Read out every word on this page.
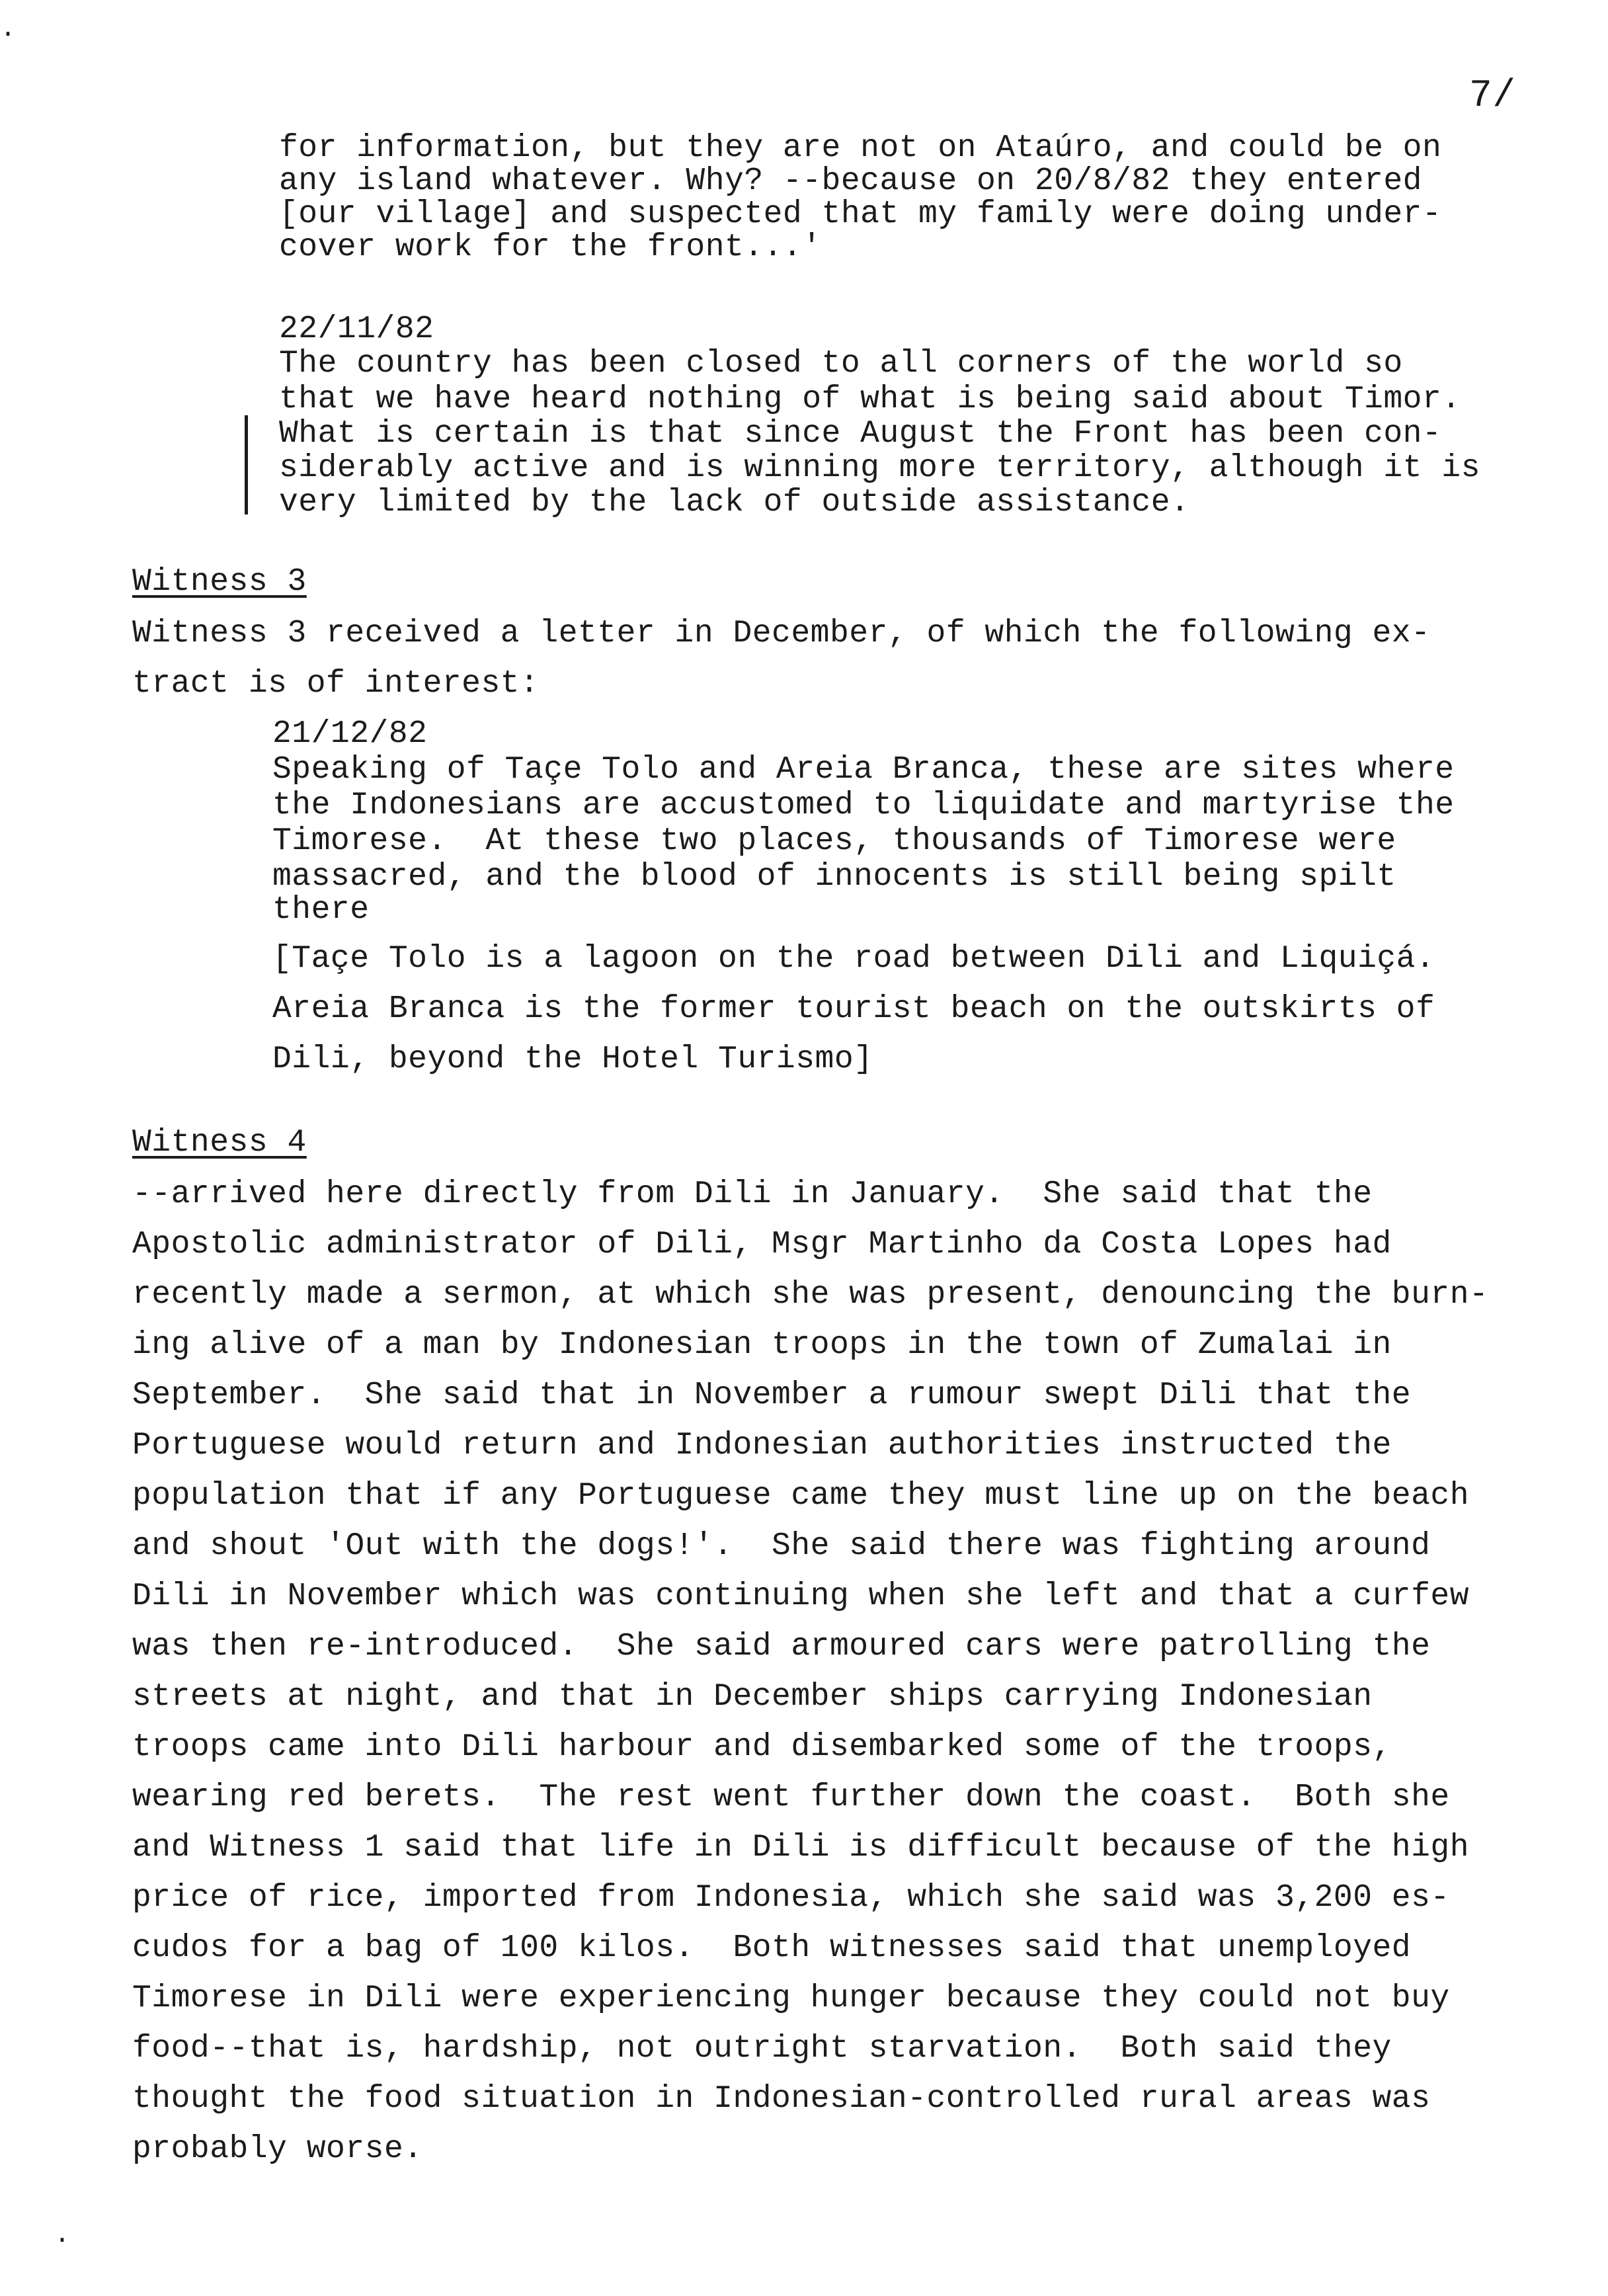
7/
for information, but they are not on Ataúro, and could be on
any island whatever. Why? --because on 20/8/82 they entered
[our village] and suspected that my family were doing under-
cover work for the front...'
22/11/82
The country has been closed to all corners of the world so
that we have heard nothing of what is being said about Timor.
What is certain is that since August the Front has been con-
siderably active and is winning more territory, although it is
very limited by the lack of outside assistance.
Witness 3
Witness 3 received a letter in December, of which the following ex-
tract is of interest:
21/12/82
Speaking of Taçe Tolo and Areia Branca, these are sites where
the Indonesians are accustomed to liquidate and martyrise the
Timorese.  At these two places, thousands of Timorese were
massacred, and the blood of innocents is still being spilt
there
[Taçe Tolo is a lagoon on the road between Dili and Liquiçá.
Areia Branca is the former tourist beach on the outskirts of
Dili, beyond the Hotel Turismo]
Witness 4
--arrived here directly from Dili in January.  She said that the
Apostolic administrator of Dili, Msgr Martinho da Costa Lopes had
recently made a sermon, at which she was present, denouncing the burn-
ing alive of a man by Indonesian troops in the town of Zumalai in
September.  She said that in November a rumour swept Dili that the
Portuguese would return and Indonesian authorities instructed the
population that if any Portuguese came they must line up on the beach
and shout 'Out with the dogs!'.  She said there was fighting around
Dili in November which was continuing when she left and that a curfew
was then re-introduced.  She said armoured cars were patrolling the
streets at night, and that in December ships carrying Indonesian
troops came into Dili harbour and disembarked some of the troops,
wearing red berets.  The rest went further down the coast.  Both she
and Witness 1 said that life in Dili is difficult because of the high
price of rice, imported from Indonesia, which she said was 3,200 es-
cudos for a bag of 100 kilos.  Both witnesses said that unemployed
Timorese in Dili were experiencing hunger because they could not buy
food--that is, hardship, not outright starvation.  Both said they
thought the food situation in Indonesian-controlled rural areas was
probably worse.
·
·
